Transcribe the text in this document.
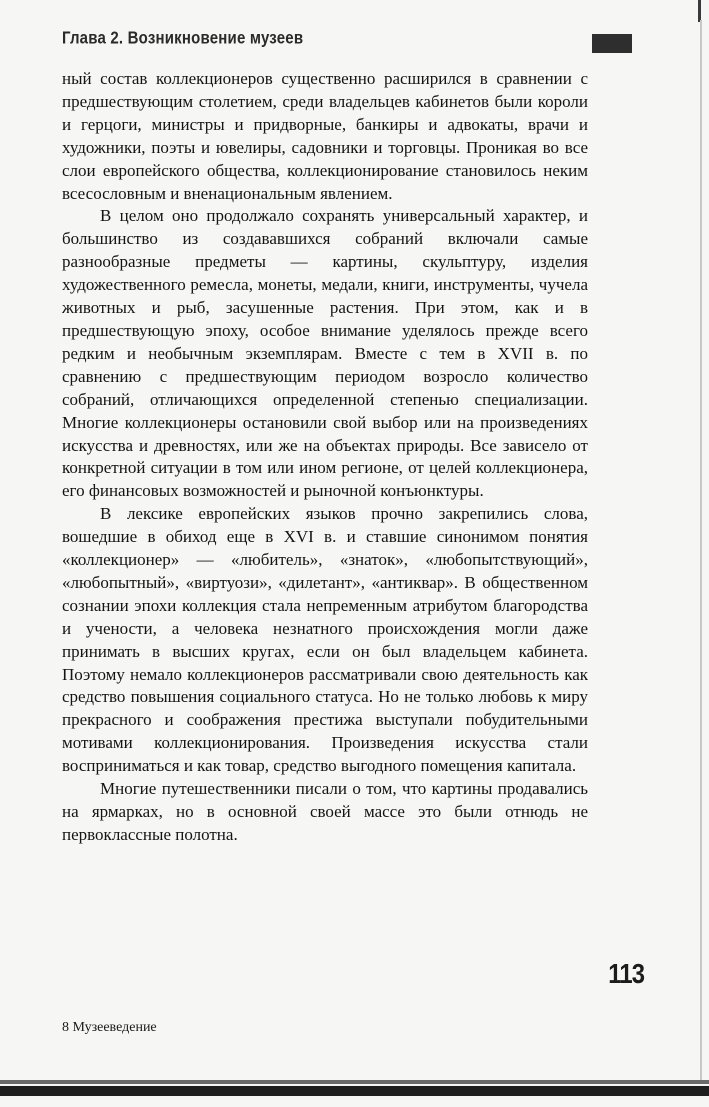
Глава 2. Возникновение музеев

ный состав коллекционеров существенно расширился в сравнении с предшествующим столетием, среди владельцев кабинетов были короли и герцоги, министры и придворные, банкиры и адвокаты, врачи и художники, поэты и ювелиры, садовники и торговцы. Проникая во все слои европейского общества, коллекционирование становилось неким всесословным и вненациональным явлением.

В целом оно продолжало сохранять универсальный характер, и большинство из создававшихся собраний включали самые разнообразные предметы — картины, скульптуру, изделия художественного ремесла, монеты, медали, книги, инструменты, чучела животных и рыб, засушенные растения. При этом, как и в предшествующую эпоху, особое внимание уделялось прежде всего редким и необычным экземплярам. Вместе с тем в XVII в. по сравнению с предшествующим периодом возросло количество собраний, отличающихся определенной степенью специализации. Многие коллекционеры остановили свой выбор или на произведениях искусства и древностях, или же на объектах природы. Все зависело от конкретной ситуации в том или ином регионе, от целей коллекционера, его финансовых возможностей и рыночной конъюнктуры.

В лексике европейских языков прочно закрепились слова, вошедшие в обиход еще в XVI в. и ставшие синонимом понятия «коллекционер» — «любитель», «знаток», «любопытствующий», «любопытный», «виртуози», «дилетант», «антиквар». В общественном сознании эпохи коллекция стала непременным атрибутом благородства и учености, а человека незнатного происхождения могли даже принимать в высших кругах, если он был владельцем кабинета. Поэтому немало коллекционеров рассматривали свою деятельность как средство повышения социального статуса. Но не только любовь к миру прекрасного и соображения престижа выступали побудительными мотивами коллекционирования. Произведения искусства стали восприниматься и как товар, средство выгодного помещения капитала.

Многие путешественники писали о том, что картины продавались на ярмарках, но в основной своей массе это были отнюдь не первоклассные полотна.

113
8 Музееведение
